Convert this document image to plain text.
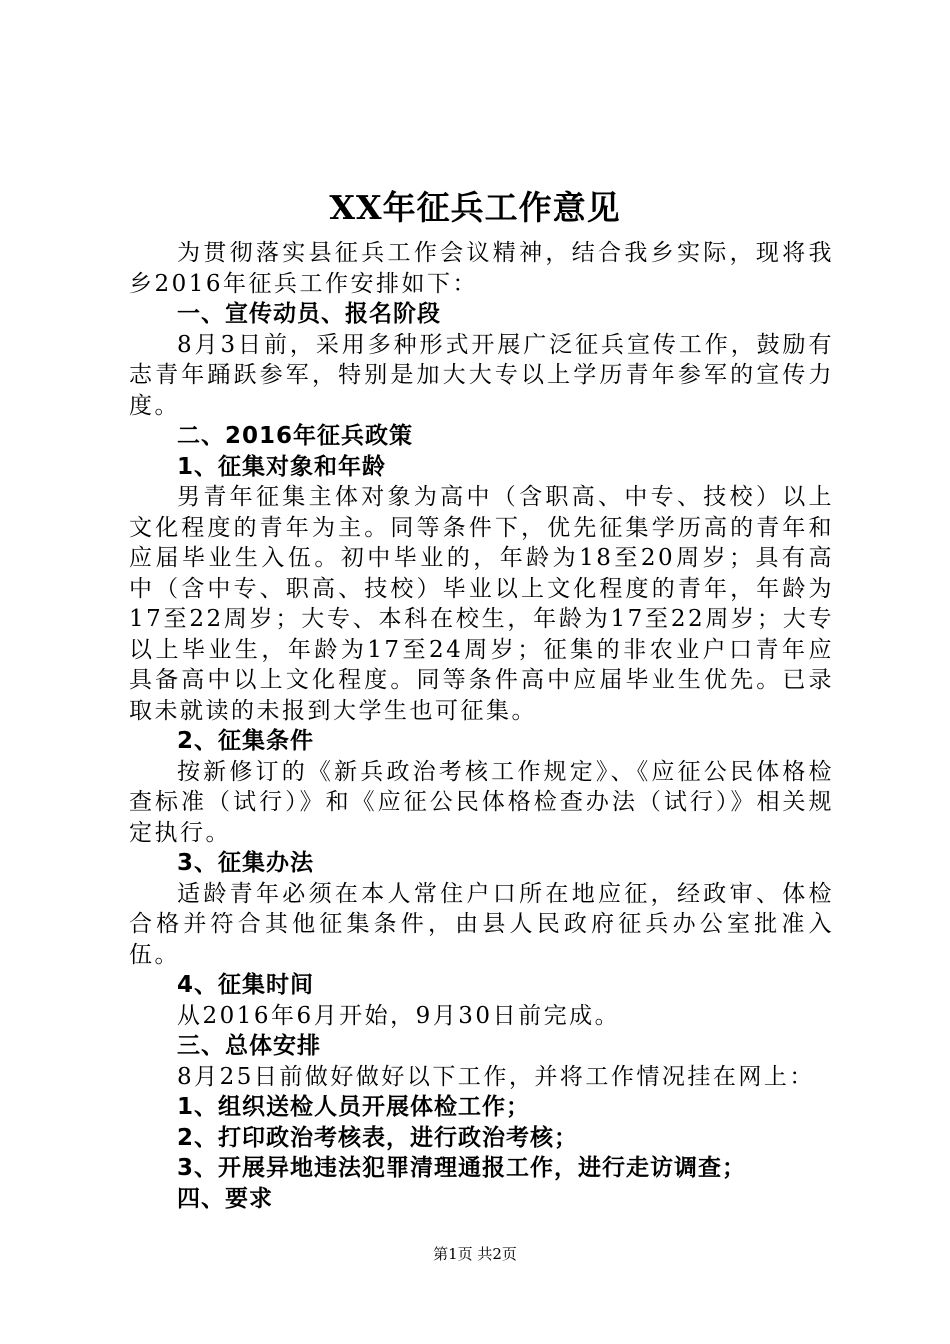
XX年征兵工作意见

为贯彻落实县征兵工作会议精神，结合我乡实际，现将我乡2016年征兵工作安排如下：

一、宣传动员、报名阶段

8月3日前，采用多种形式开展广泛征兵宣传工作，鼓励有志青年踊跃参军，特别是加大大专以上学历青年参军的宣传力度。

二、2016年征兵政策

1、征集对象和年龄

男青年征集主体对象为高中（含职高、中专、技校）以上文化程度的青年为主。同等条件下，优先征集学历高的青年和应届毕业生入伍。初中毕业的，年龄为18至20周岁；具有高中（含中专、职高、技校）毕业以上文化程度的青年，年龄为17至22周岁；大专、本科在校生，年龄为17至22周岁；大专以上毕业生，年龄为17至24周岁；征集的非农业户口青年应具备高中以上文化程度。同等条件高中应届毕业生优先。已录取未就读的未报到大学生也可征集。

2、征集条件

按新修订的《新兵政治考核工作规定》、《应征公民体格检查标准（试行）》和《应征公民体格检查办法（试行）》相关规定执行。

3、征集办法

适龄青年必须在本人常住户口所在地应征，经政审、体检合格并符合其他征集条件，由县人民政府征兵办公室批准入伍。

4、征集时间

从2016年6月开始，9月30日前完成。

三、总体安排

8月25日前做好做好以下工作，并将工作情况挂在网上：

1、组织送检人员开展体检工作；

2、打印政治考核表，进行政治考核；

3、开展异地违法犯罪清理通报工作，进行走访调查；

四、要求

第1页 共2页
